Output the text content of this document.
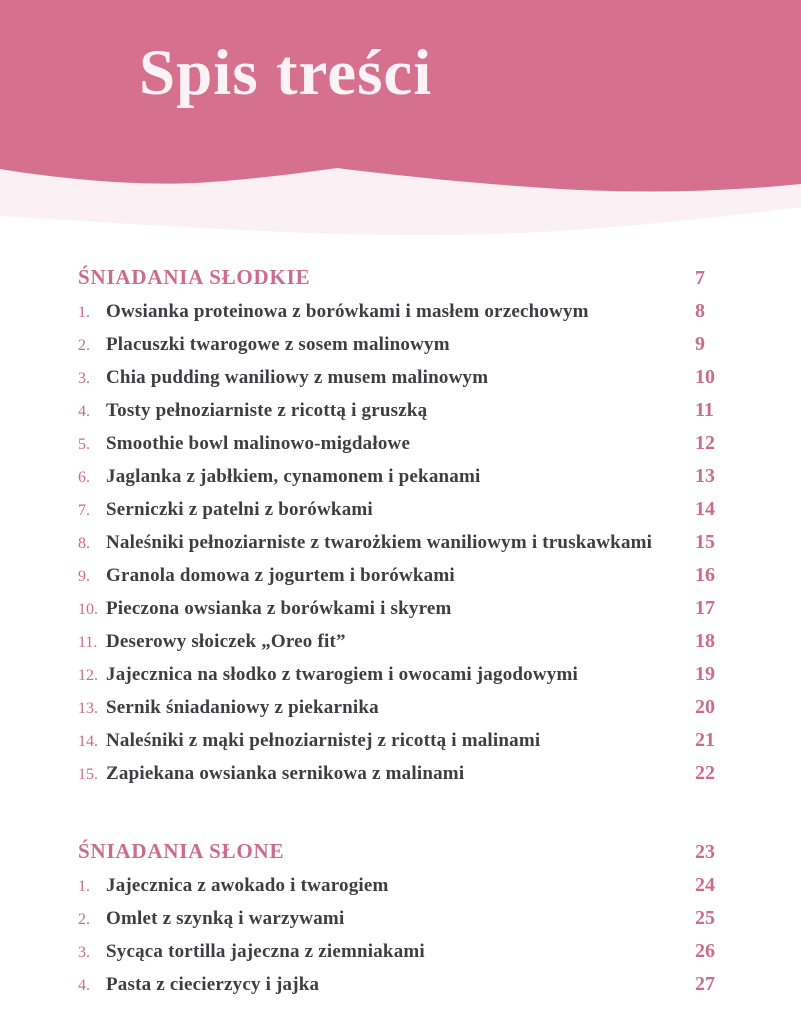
Spis treści
ŚNIADANIA SŁODKIE	7
1. Owsianka proteinowa z borówkami i masłem orzechowym	8
2. Placuszki twarogowe z sosem malinowym	9
3. Chia pudding waniliowy z musem malinowym	10
4. Tosty pełnoziarniste z ricottą i gruszką	11
5. Smoothie bowl malinowo-migdałowe	12
6. Jaglanka z jabłkiem, cynamonem i pekanami	13
7. Serniczki z patelni z borówkami	14
8. Naleśniki pełnoziarniste z twarożkiem waniliowym i truskawkami	15
9. Granola domowa z jogurtem i borówkami	16
10. Pieczona owsianka z borówkami i skyrem	17
11. Deserowy słoiczek „Oreo fit”	18
12. Jajecznica na słodko z twarogiem i owocami jagodowymi	19
13. Sernik śniadaniowy z piekarnika	20
14. Naleśniki z mąki pełnoziarnistej z ricottą i malinami	21
15. Zapiekana owsianka sernikowa z malinami	22
ŚNIADANIA SŁONE	23
1. Jajecznica z awokado i twarogiem	24
2. Omlet z szynką i warzywami	25
3. Sycąca tortilla jajeczna z ziemniakami	26
4. Pasta z ciecierzycy i jajka	27
